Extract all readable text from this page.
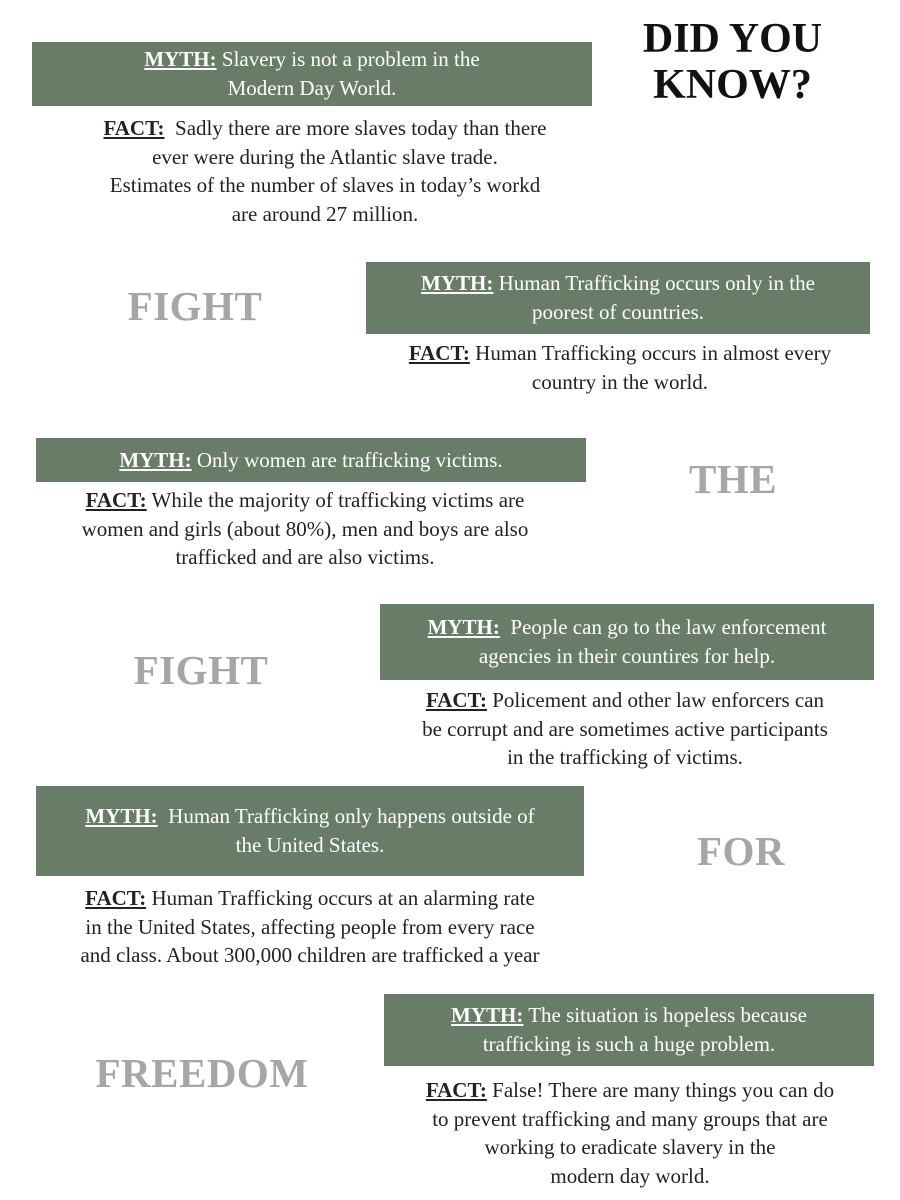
DID YOU
KNOW?
FIGHT
THE
FIGHT
FOR
FREEDOM
MYTH: Slavery is not a problem in the
Modern Day World.
FACT: Sadly there are more slaves today than there
ever were during the Atlantic slave trade.
Estimates of the number of slaves in today’s workd
are around 27 million.
MYTH: Human Trafficking occurs only in the
poorest of countries.
FACT: Human Trafficking occurs in almost every
country in the world.
MYTH: Only women are trafficking victims.
FACT: While the majority of trafficking victims are
women and girls (about 80%), men and boys are also
trafficked and are also victims.
MYTH: People can go to the law enforcement
agencies in their countires for help.
FACT: Policement and other law enforcers can
be corrupt and are sometimes active participants
in the trafficking of victims.
MYTH: Human Trafficking only happens outside of
the United States.
FACT: Human Trafficking occurs at an alarming rate
in the United States, affecting people from every race
and class. About 300,000 children are trafficked a year
MYTH: The situation is hopeless because
trafficking is such a huge problem.
FACT: False! There are many things you can do
to prevent trafficking and many groups that are
working to eradicate slavery in the
modern day world.
